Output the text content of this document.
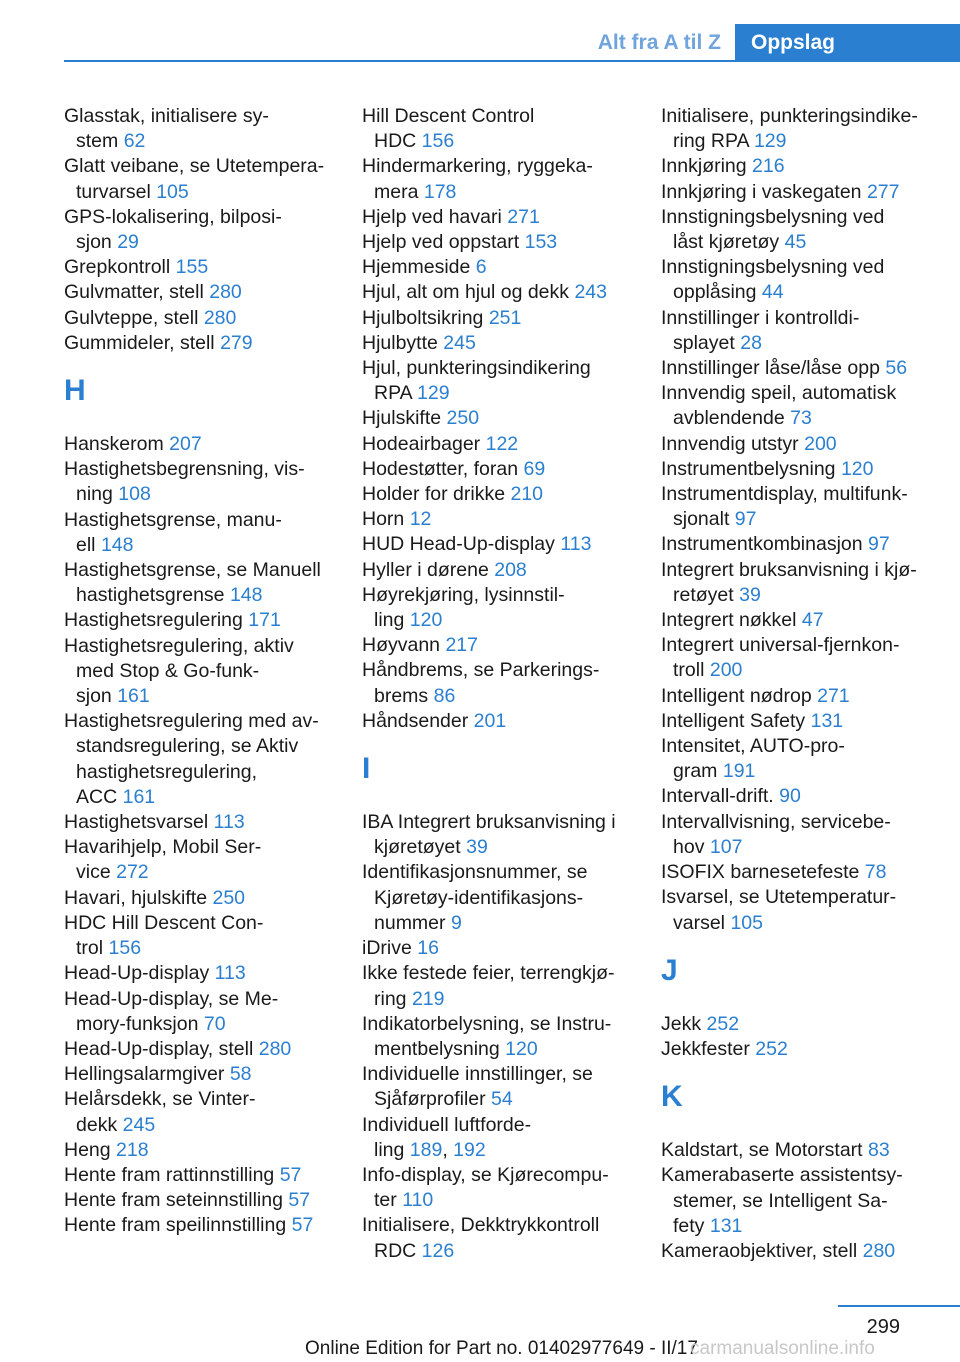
Alt fra A til Z	Oppslag
Glasstak, initialisere sy-
stem 62
Glatt veibane, se Utetempera-
turvarsel 105
GPS-lokalisering, bilposi-
sjon 29
Grepkontroll 155
Gulvmatter, stell 280
Gulvteppe, stell 280
Gummideler, stell 279
H
Hanskerom 207
Hastighetsbegrensning, vis-
ning 108
Hastighetsgrense, manu-
ell 148
Hastighetsgrense, se Manuell
hastighetsgrense 148
Hastighetsregulering 171
Hastighetsregulering, aktiv
med Stop & Go-funk-
sjon 161
Hastighetsregulering med av-
standsregulering, se Aktiv
hastighetsregulering,
ACC 161
Hastighetsvarsel 113
Havarihjelp, Mobil Ser-
vice 272
Havari, hjulskifte 250
HDC Hill Descent Con-
trol 156
Head-Up-display 113
Head-Up-display, se Me-
mory-funksjon 70
Head-Up-display, stell 280
Hellingsalarmgiver 58
Helårsdekk, se Vinter-
dekk 245
Heng 218
Hente fram rattinnstilling 57
Hente fram seteinnstilling 57
Hente fram speilinnstilling 57
Hill Descent Control
HDC 156
Hindermarkering, ryggeka-
mera 178
Hjelp ved havari 271
Hjelp ved oppstart 153
Hjemmeside 6
Hjul, alt om hjul og dekk 243
Hjulboltsikring 251
Hjulbytte 245
Hjul, punkteringsindikering
RPA 129
Hjulskifte 250
Hodeairbager 122
Hodestøtter, foran 69
Holder for drikke 210
Horn 12
HUD Head-Up-display 113
Hyller i dørene 208
Høyrekjøring, lysinnstil-
ling 120
Høyvann 217
Håndbrems, se Parkerings-
brems 86
Håndsender 201
I
IBA Integrert bruksanvisning i
kjøretøyet 39
Identifikasjonsnummer, se
Kjøretøy-identifikasjons-
nummer 9
iDrive 16
Ikke festede feier, terrengkjø-
ring 219
Indikatorbelysning, se Instru-
mentbelysning 120
Individuelle innstillinger, se
Sjåførprofiler 54
Individuell luftforde-
ling 189, 192
Info-display, se Kjørecompu-
ter 110
Initialisere, Dekktrykkontroll
RDC 126
Initialisere, punkteringsindike-
ring RPA 129
Innkjøring 216
Innkjøring i vaskegaten 277
Innstigningsbelysning ved
låst kjøretøy 45
Innstigningsbelysning ved
opplåsing 44
Innstillinger i kontrolldi-
splayet 28
Innstillinger låse/låse opp 56
Innvendig speil, automatisk
avblendende 73
Innvendig utstyr 200
Instrumentbelysning 120
Instrumentdisplay, multifunk-
sjonalt 97
Instrumentkombinasjon 97
Integrert bruksanvisning i kjø-
retøyet 39
Integrert nøkkel 47
Integrert universal-fjernkon-
troll 200
Intelligent nødrop 271
Intelligent Safety 131
Intensitet, AUTO-pro-
gram 191
Intervall-drift. 90
Intervallvisning, servicebe-
hov 107
ISOFIX barnesetefeste 78
Isvarsel, se Utetemperatur-
varsel 105
J
Jekk 252
Jekkfester 252
K
Kaldstart, se Motorstart 83
Kamerabaserte assistentsy-
stemer, se Intelligent Sa-
fety 131
Kameraobjektiver, stell 280
299
Online Edition for Part no. 01402977649 - II/17
carmanualsonline.info
